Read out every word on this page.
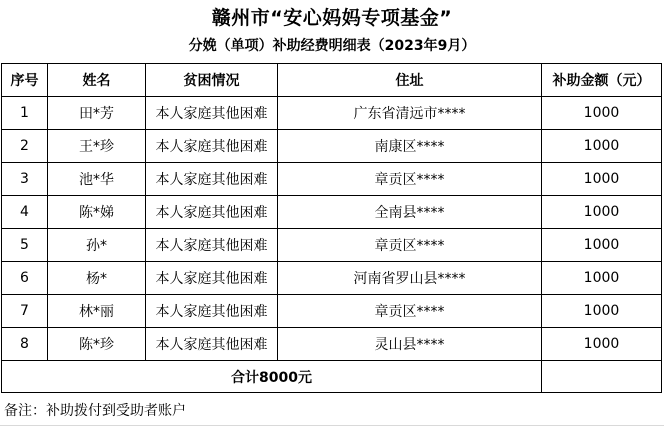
赣州市“安心妈妈专项基金”
分娩（单项）补助经费明细表（2023年9月）
序号	姓名	贫困情况	住址	补助金额（元）
1	田*芳	本人家庭其他困难	广东省清远市****	1000
2	王*珍	本人家庭其他困难	南康区****	1000
3	池*华	本人家庭其他困难	章贡区****	1000
4	陈*娣	本人家庭其他困难	全南县****	1000
5	孙*	本人家庭其他困难	章贡区****	1000
6	杨*	本人家庭其他困难	河南省罗山县****	1000
7	林*丽	本人家庭其他困难	章贡区****	1000
8	陈*珍	本人家庭其他困难	灵山县****	1000
合计8000元				
备注：补助拨付到受助者账户
